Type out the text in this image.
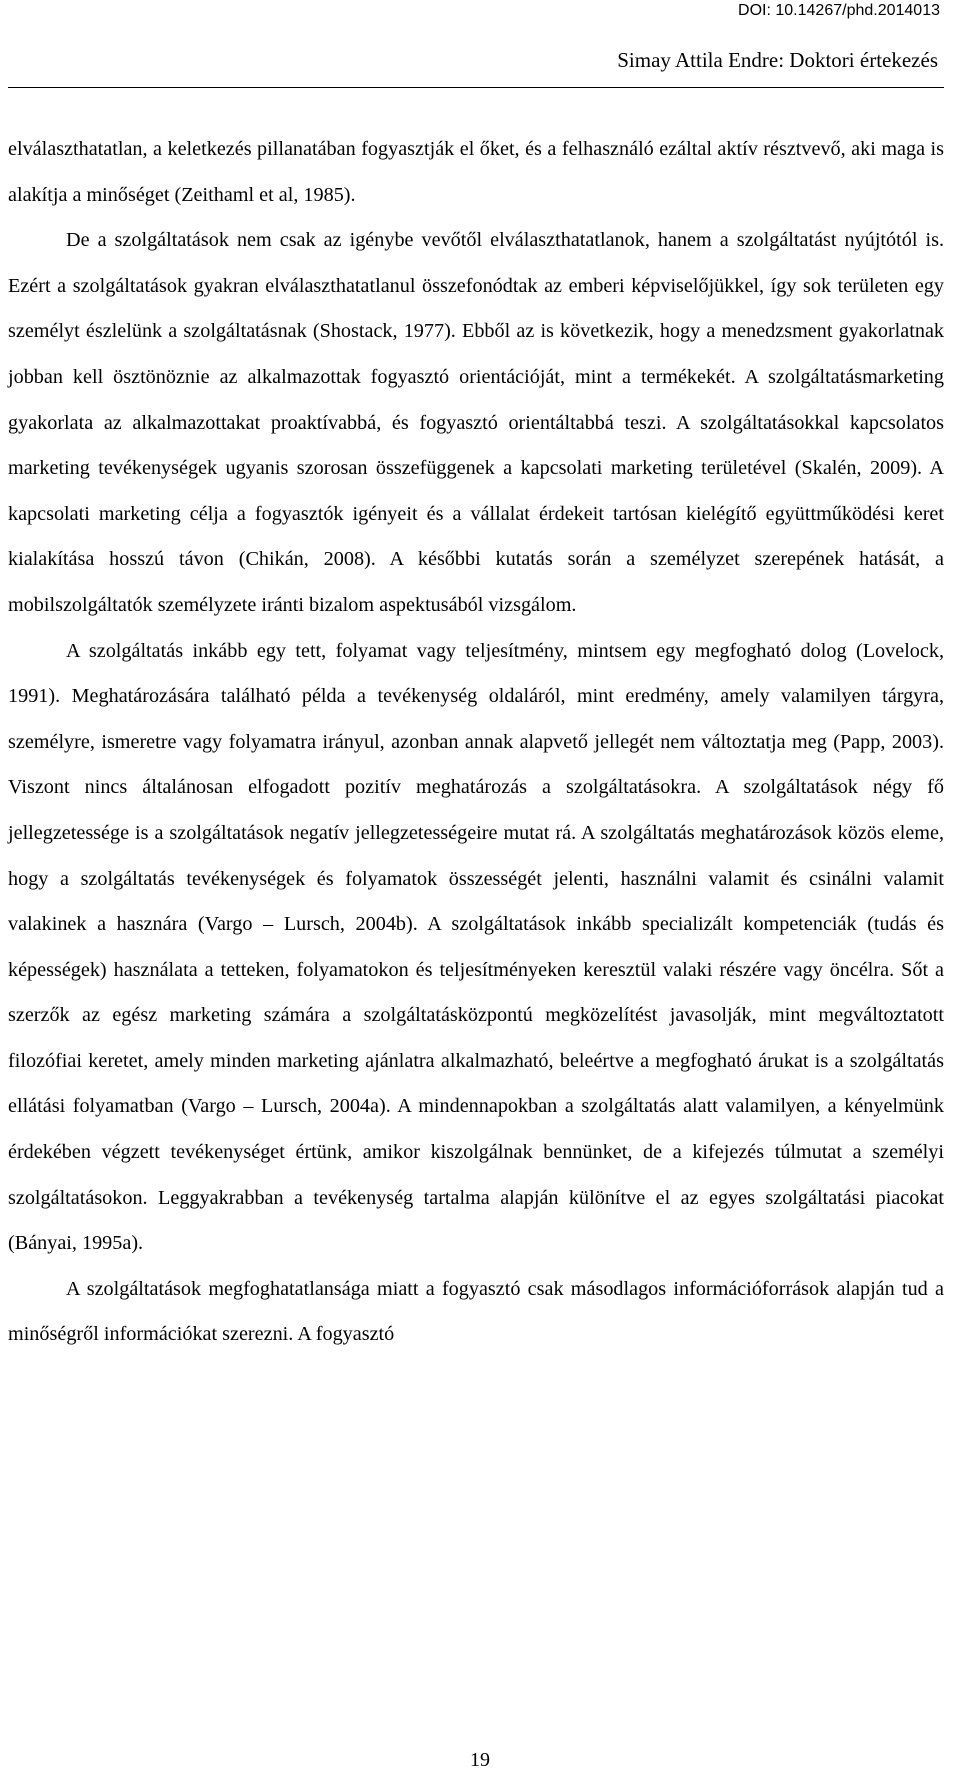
DOI: 10.14267/phd.2014013
Simay Attila Endre: Doktori értekezés

elválaszthatatlan, a keletkezés pillanatában fogyasztják el őket, és a felhasználó ezáltal aktív résztvevő, aki maga is alakítja a minőséget (Zeithaml et al, 1985).

De a szolgáltatások nem csak az igénybe vevőtől elválaszthatatlanok, hanem a szolgáltatást nyújtótól is. Ezért a szolgáltatások gyakran elválaszthatatlanul összefonódtak az emberi képviselőjükkel, így sok területen egy személyt észlelünk a szolgáltatásnak (Shostack, 1977). Ebből az is következik, hogy a menedzsment gyakorlatnak jobban kell ösztönöznie az alkalmazottak fogyasztó orientációját, mint a termékekét. A szolgáltatásmarketing gyakorlata az alkalmazottakat proaktívabbá, és fogyasztó orientáltabbá teszi. A szolgáltatásokkal kapcsolatos marketing tevékenységek ugyanis szorosan összefüggenek a kapcsolati marketing területével (Skalén, 2009). A kapcsolati marketing célja a fogyasztók igényeit és a vállalat érdekeit tartósan kielégítő együttműködési keret kialakítása hosszú távon (Chikán, 2008). A későbbi kutatás során a személyzet szerepének hatását, a mobilszolgáltatók személyzete iránti bizalom aspektusából vizsgálom.

A szolgáltatás inkább egy tett, folyamat vagy teljesítmény, mintsem egy megfogható dolog (Lovelock, 1991). Meghatározására található példa a tevékenység oldaláról, mint eredmény, amely valamilyen tárgyra, személyre, ismeretre vagy folyamatra irányul, azonban annak alapvető jellegét nem változtatja meg (Papp, 2003). Viszont nincs általánosan elfogadott pozitív meghatározás a szolgáltatásokra. A szolgáltatások négy fő jellegzetessége is a szolgáltatások negatív jellegzetességeire mutat rá. A szolgáltatás meghatározások közös eleme, hogy a szolgáltatás tevékenységek és folyamatok összességét jelenti, használni valamit és csinálni valamit valakinek a hasznára (Vargo – Lursch, 2004b). A szolgáltatások inkább specializált kompetenciák (tudás és képességek) használata a tetteken, folyamatokon és teljesítményeken keresztül valaki részére vagy öncélra. Sőt a szerzők az egész marketing számára a szolgáltatásközpontú megközelítést javasolják, mint megváltoztatott filozófiai keretet, amely minden marketing ajánlatra alkalmazható, beleértve a megfogható árukat is a szolgáltatás ellátási folyamatban (Vargo – Lursch, 2004a). A mindennapokban a szolgáltatás alatt valamilyen, a kényelmünk érdekében végzett tevékenységet értünk, amikor kiszolgálnak bennünket, de a kifejezés túlmutat a személyi szolgáltatásokon. Leggyakrabban a tevékenység tartalma alapján különítve el az egyes szolgáltatási piacokat (Bányai, 1995a).

A szolgáltatások megfoghatatlansága miatt a fogyasztó csak másodlagos információforrások alapján tud a minőségről információkat szerezni. A fogyasztó

19
